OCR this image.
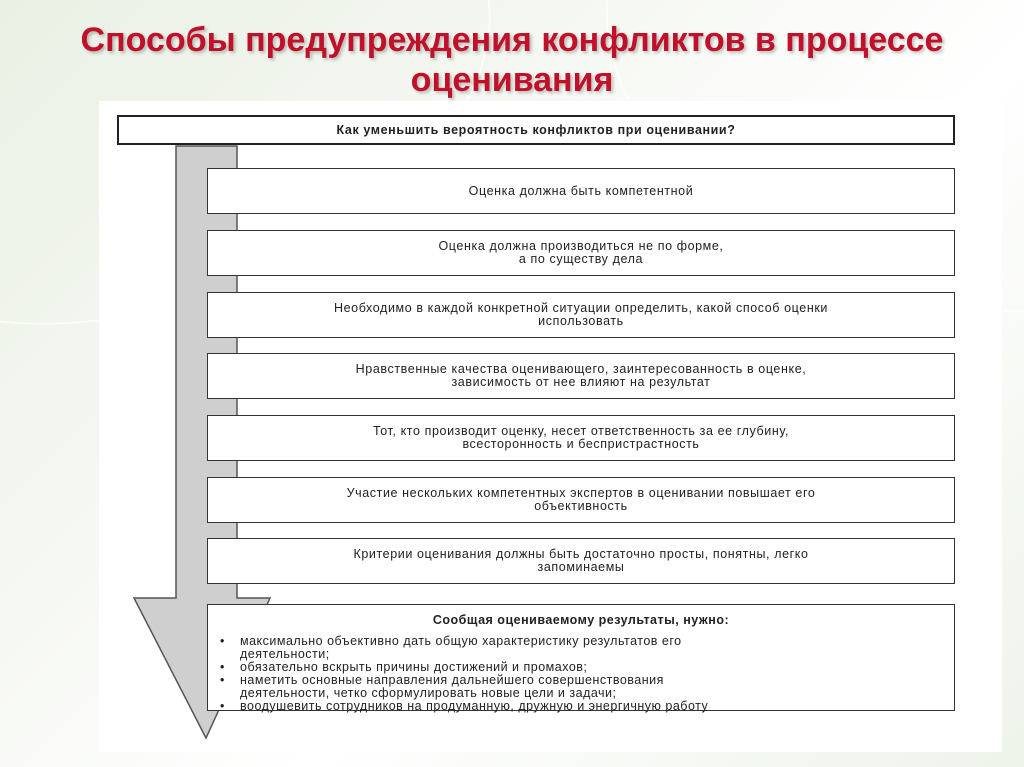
Способы предупреждения конфликтов в процессе
оценивания
Как уменьшить вероятность конфликтов при оценивании?
Оценка должна быть компетентной
Оценка должна производиться не по форме,
а по существу дела
Необходимо в каждой конкретной ситуации определить, какой способ оценки
использовать
Нравственные качества оценивающего, заинтересованность в оценке,
зависимость от нее влияют на результат
Тот, кто производит оценку, несет ответственность за ее глубину,
всесторонность и беспристрастность
Участие нескольких компетентных экспертов в оценивании повышает его
объективность
Критерии оценивания должны быть достаточно просты, понятны, легко
запоминаемы
Сообщая оцениваемому результаты, нужно:
• максимально объективно дать общую характеристику результатов его
деятельности;
• обязательно вскрыть причины достижений и промахов;
• наметить основные направления дальнейшего совершенствования
деятельности, четко сформулировать новые цели и задачи;
• воодушевить сотрудников на продуманную, дружную и энергичную работу
